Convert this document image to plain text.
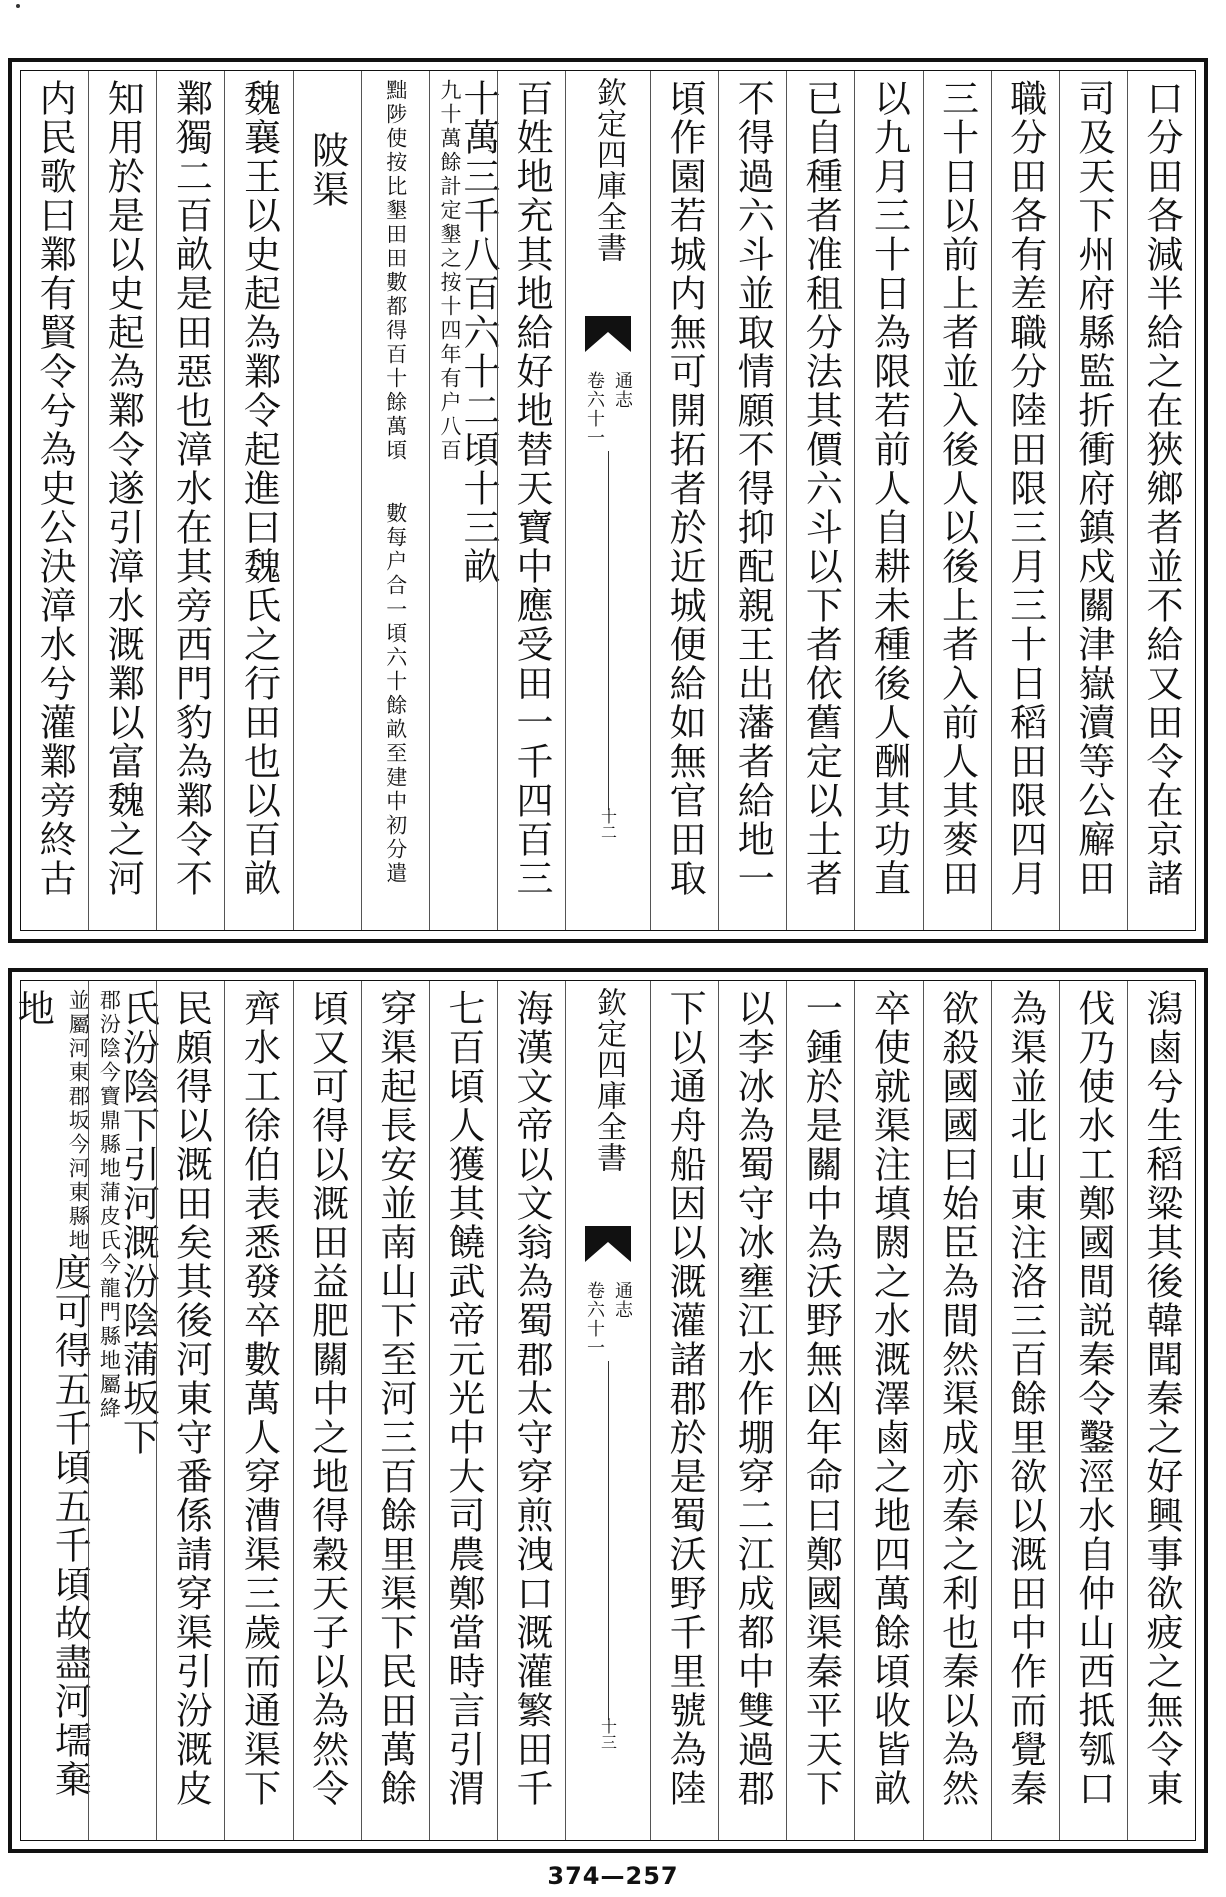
口分田各減半給之在狹鄉者並不給又田令在京諸
司及天下州府縣監折衝府鎮戍關津嶽瀆等公廨田
職分田各有差職分陸田限三月三十日稻田限四月
三十日以前上者並入後人以後上者入前人其麥田
以九月三十日為限若前人自耕未種後人酬其功直
已自種者准租分法其價六斗以下者依舊定以土者
不得過六斗並取情願不得抑配親王出藩者給地一
頃作園若城内無可開拓者於近城便給如無官田取
欽定四庫全書
通志
卷六十一
十二
百姓地充其地給好地替天寶中應受田一千四百三
十萬三千八百六十二頃十三畝
九十萬餘計定墾之
按十四年有户八百
黜陟使按比墾田田數都得百十餘萬頃
數每户合一頃六十餘畝至建中初分遣
陂渠
魏襄王以史起為鄴令起進曰魏氏之行田也以百畝
鄴獨二百畝是田惡也漳水在其旁西門豹為鄴令不
知用於是以史起為鄴令遂引漳水溉鄴以富魏之河
内民歌曰鄴有賢令兮為史公決漳水兮灌鄴旁終古
潟鹵兮生稻粱其後韓聞秦之好興事欲疲之無令東
伐乃使水工鄭國間説秦令鑿涇水自仲山西抵瓠口
為渠並北山東注洛三百餘里欲以溉田中作而覺秦
欲殺國國曰始臣為間然渠成亦秦之利也秦以為然
卒使就渠注填閼之水溉澤鹵之地四萬餘頃收皆畝
一鍾於是關中為沃野無凶年命曰鄭國渠秦平天下
以李冰為蜀守冰壅江水作堋穿二江成都中雙過郡
下以通舟船因以溉灌諸郡於是蜀沃野千里號為陸
欽定四庫全書
通志
卷六十一
十三
海漢文帝以文翁為蜀郡太守穿煎洩口溉灌繁田千
七百頃人獲其饒武帝元光中大司農鄭當時言引渭
穿渠起長安並南山下至河三百餘里渠下民田萬餘
頃又可得以溉田益肥關中之地得穀天子以為然令
齊水工徐伯表悉發卒數萬人穿漕渠三歲而通渠下
民頗得以溉田矣其後河東守番係請穿渠引汾溉皮
氏汾陰下引河溉汾陰蒲坂下
郡汾陰今寶鼎縣地蒲
皮氏今龍門縣地屬絳
並屬河東郡
坂今河東縣地
度可得五千頃五千頃故盡河壖棄地
374—257
